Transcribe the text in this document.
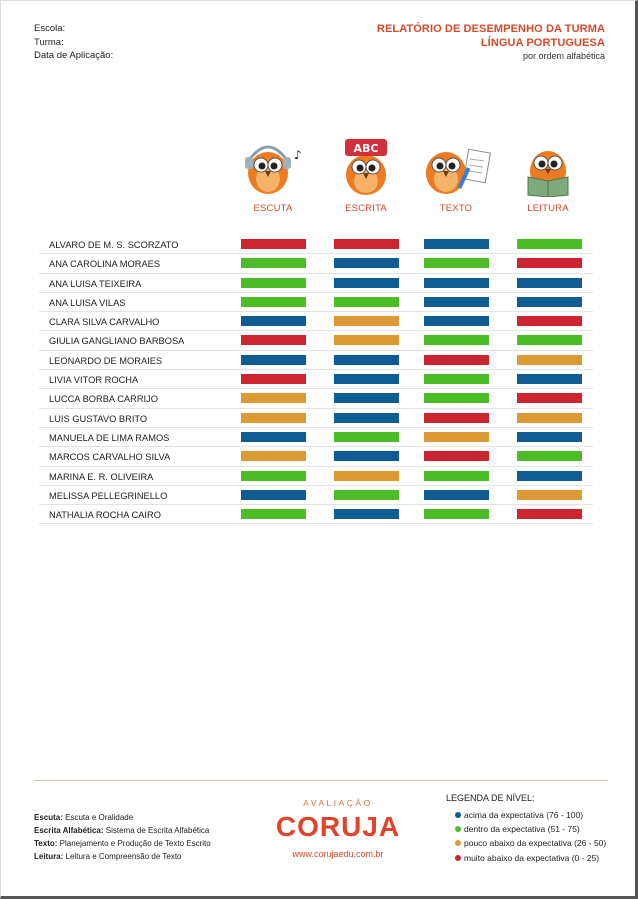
Escola:
Turma:
Data de Aplicação:
RELATÓRIO DE DESEMPENHO DA TURMA
LÍNGUA PORTUGUESA
por ordem alfabética
♪
ESCUTA
ABC
ESCRITA	TEXTO	LEITURA
ALVARO DE M. S. SCORZATO
ANA CAROLINA MORAES
ANA LUISA TEIXEIRA
ANA LUISA VILAS
CLARA SILVA CARVALHO
GIULIA GANGLIANO BARBOSA
LEONARDO DE MORAIES
LIVIA VITOR ROCHA
LUCCA BORBA CARRIJO
LUIS GUSTAVO BRITO
MANUELA DE LIMA RAMOS
MARCOS CARVALHO SILVA
MARINA E. R. OLIVEIRA
MELISSA PELLEGRINELLO
NATHALIA ROCHA CAIRO
Escuta: Escuta e Oralidade
Escrita Alfabética: Sistema de Escrita Alfabética
Texto: Planejamento e Produção de Texto Escrito
Leitura: Leitura e Compreensão de Texto
AVALIAÇÃO
CORUJA
www.corujaedu.com.br
LEGENDA DE NÍVEL:
acima da expectativa (76 - 100)
dentro da expectativa (51 - 75)
pouco abaixo da expectativa (26 - 50)
muito abaixo da expectativa (0 - 25)
